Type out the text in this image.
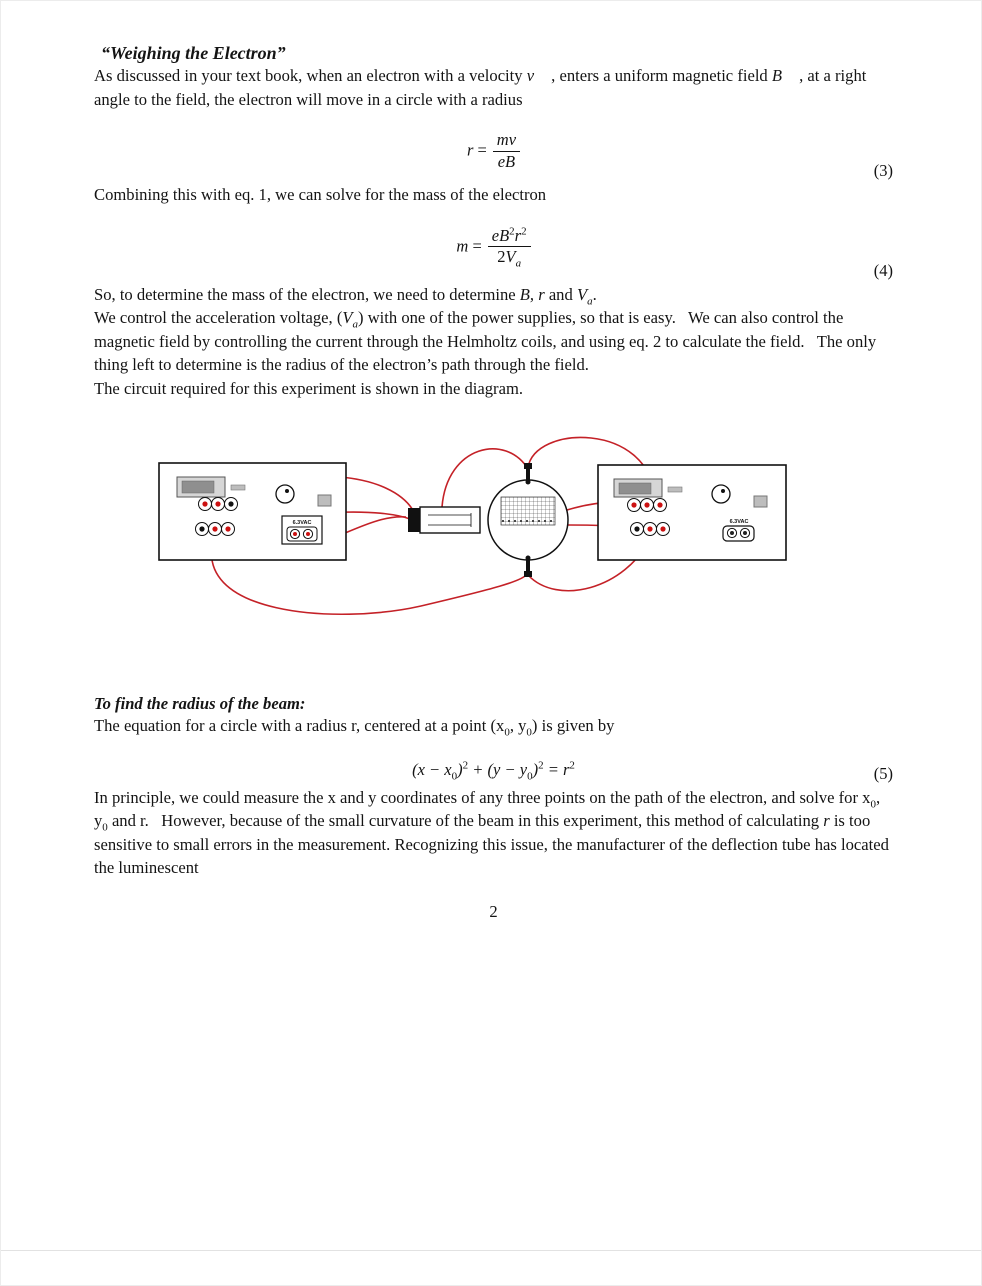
“Weighing the Electron”

As discussed in your text book, when an electron with a velocity v⃗ , enters a uniform magnetic field B⃗ , at a right angle to the field, the electron will move in a circle with a radius

$r = \frac{mv}{eB}$	(3)

Combining this with eq. 1, we can solve for the mass of the electron

$m = \frac{eB^2r^2}{2V_a}$
(4)

So, to determine the mass of the electron, we need to determine B, r and $V_a$.

We control the acceleration voltage, $(V_a)$ with one of the power supplies, so that is easy.   We can also control the magnetic field by controlling the current through the Helmholtz coils, and using eq. 2 to calculate the field.   The only thing left to determine is the radius of the electron’s path through the field.

The circuit required for this experiment is shown in the diagram.

6.3VAC	6.3VAC
To find the radius of the beam:

The equation for a circle with a radius r, centered at a point ($x_0$, $y_0$) is given by

$(x - x_0)^2 + (y - y_0)^2 = r^2$	(5)

In principle, we could measure the x and y coordinates of any three points on the path of the electron, and solve for $x_0$, $y_0$ and r.   However, because of the small curvature of the beam in this experiment, this method of calculating r is too sensitive to small errors in the measurement. Recognizing this issue, the manufacturer of the deflection tube has located the luminescent

2
